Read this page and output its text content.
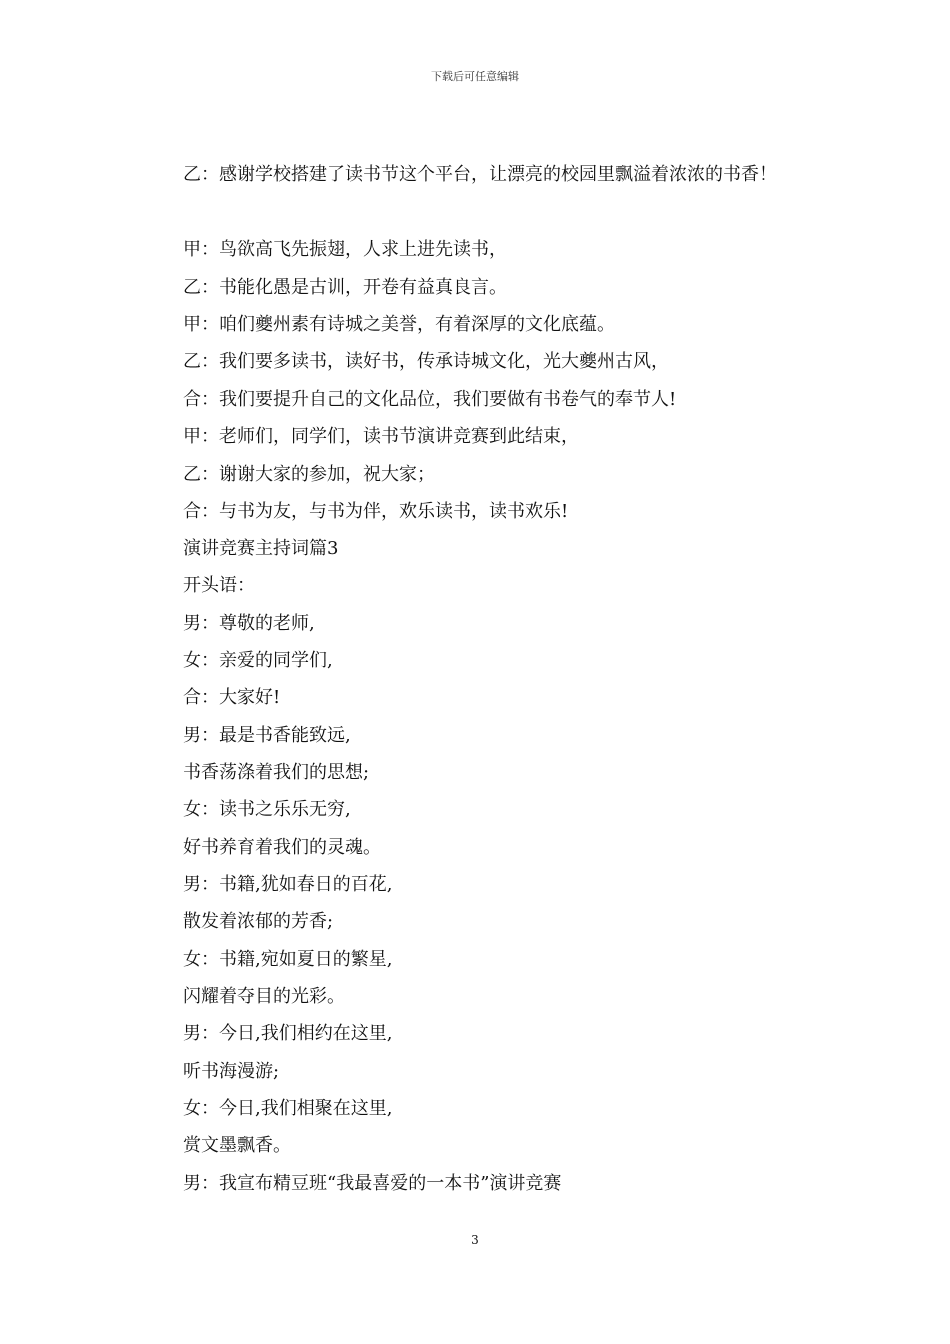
下载后可任意编辑
乙：感谢学校搭建了读书节这个平台，让漂亮的校园里飘溢着浓浓的书香！
甲：鸟欲高飞先振翅，人求上进先读书，
乙：书能化愚是古训，开卷有益真良言。
甲：咱们夔州素有诗城之美誉，有着深厚的文化底蕴。
乙：我们要多读书，读好书，传承诗城文化，光大夔州古风，
合：我们要提升自己的文化品位，我们要做有书卷气的奉节人!
甲：老师们，同学们，读书节演讲竞赛到此结束，
乙：谢谢大家的参加，祝大家；
合：与书为友，与书为伴，欢乐读书，读书欢乐!
演讲竞赛主持词篇3
开头语：
男：尊敬的老师,
女：亲爱的同学们,
合：大家好!
男：最是书香能致远,
书香荡涤着我们的思想;
女：读书之乐乐无穷,
好书养育着我们的灵魂。
男：书籍,犹如春日的百花,
散发着浓郁的芳香;
女：书籍,宛如夏日的繁星,
闪耀着夺目的光彩。
男：今日,我们相约在这里,
听书海漫游;
女：今日,我们相聚在这里,
赏文墨飘香。
男：我宣布精豆班“我最喜爱的一本书”演讲竞赛
3
